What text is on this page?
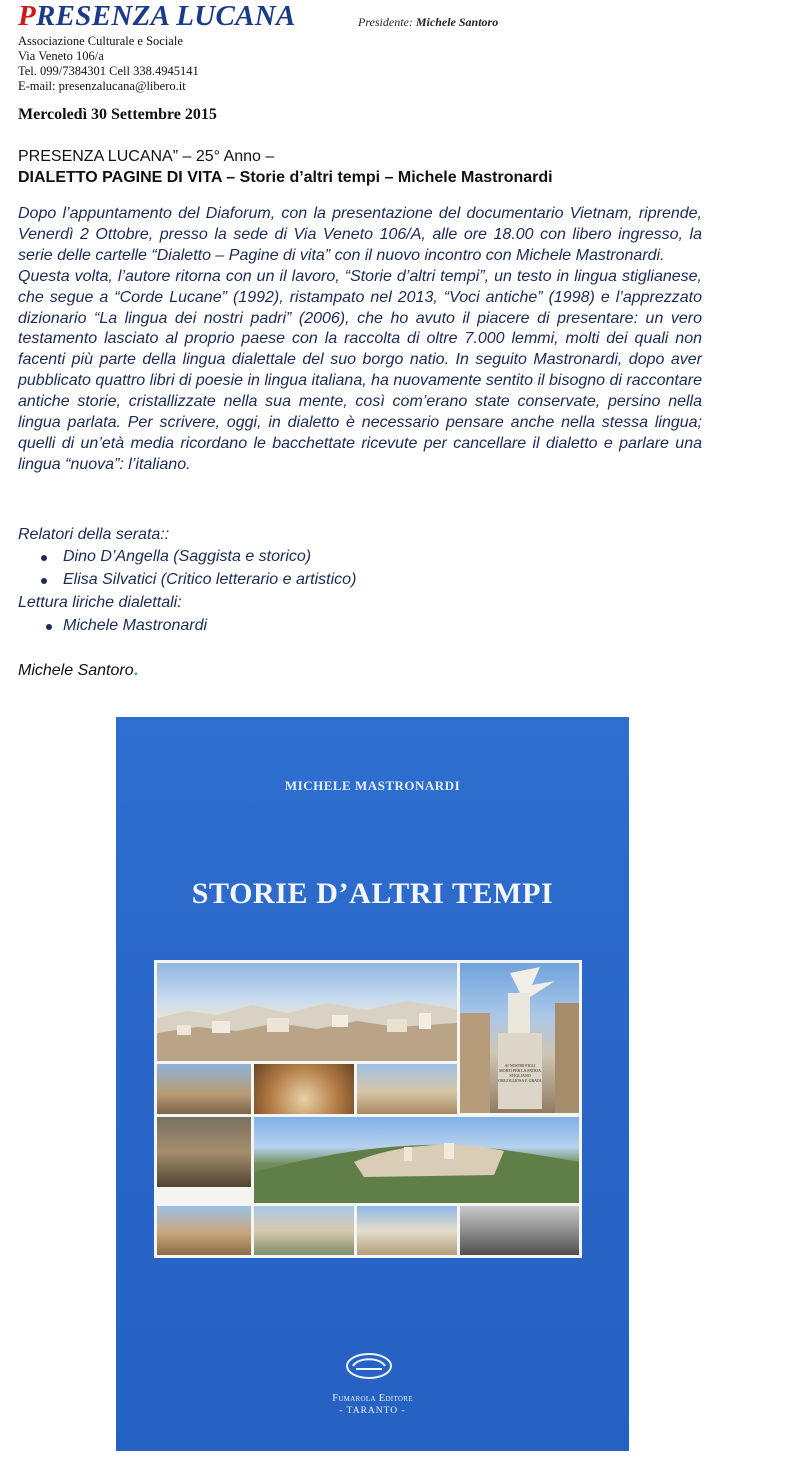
PRESENZA LUCANA	Presidente: Michele Santoro
Associazione Culturale e Sociale
Via Veneto 106/a
Tel. 099/7384301 Cell 338.4945141
E-mail: presenzalucana@libero.it
Mercoledì 30 Settembre 2015
PRESENZA LUCANA” – 25° Anno –
DIALETTO PAGINE DI VITA – Storie d’altri tempi – Michele Mastronardi

Dopo l’appuntamento del Diaforum, con la presentazione del documentario Vietnam, riprende, Venerdì 2 Ottobre, presso la sede di Via Veneto 106/A, alle ore 18.00 con libero ingresso, la serie delle cartelle “Dialetto – Pagine di vita” con il nuovo incontro con Michele Mastronardi.

Questa volta, l’autore ritorna con un il lavoro, “Storie d’altri tempi”, un testo in lingua stiglianese, che segue a “Corde Lucane” (1992), ristampato nel 2013, “Voci antiche” (1998) e l’apprezzato dizionario “La lingua dei nostri padri” (2006), che ho avuto il piacere di presentare: un vero testamento lasciato al proprio paese con la raccolta di oltre 7.000 lemmi, molti dei quali non facenti più parte della lingua dialettale del suo borgo natio. In seguito Mastronardi, dopo aver pubblicato quattro libri di poesie in lingua italiana, ha nuovamente sentito il bisogno di raccontare antiche storie, cristallizzate nella sua mente, così com’erano state conservate, persino nella lingua parlata. Per scrivere, oggi, in dialetto è necessario pensare anche nella stessa lingua; quelli di un’età media ricordano le bacchettate ricevute per cancellare il dialetto e parlare una lingua “nuova”: l’italiano.

Relatori della serata::
Dino D’Angella (Saggista e storico)
Elisa Silvatici (Critico letterario e artistico)
Lettura liriche dialettali:
Michele Mastronardi
Michele Santoro.
MICHELE MASTRONARDI
STORIE D’ALTRI TEMPI
AI NOSTRI FIGLI MORTI PER LA PATRIA STIGLIANO ORGOGLIOSA E GRATA
Fumarola Editore
- TARANTO -
